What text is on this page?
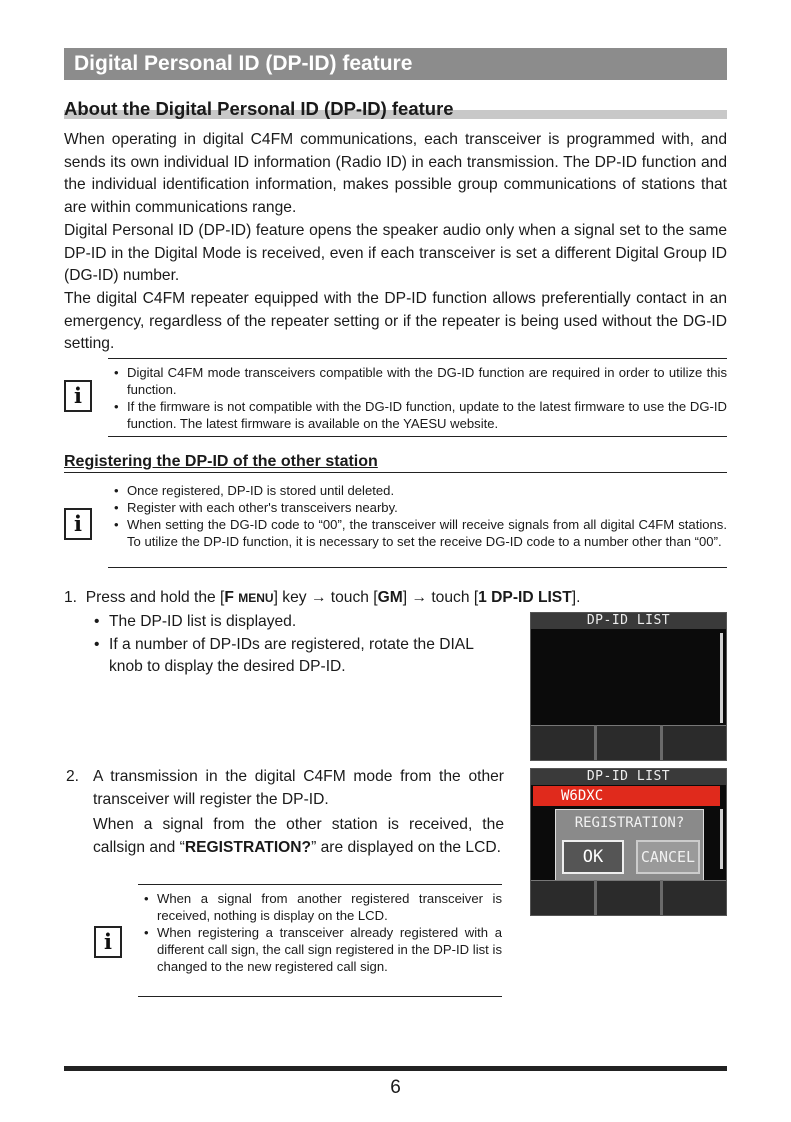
Digital Personal ID (DP-ID) feature
About the Digital Personal ID (DP-ID) feature

When operating in digital C4FM communications, each transceiver is programmed with, and sends its own individual ID information (Radio ID) in each transmission. The DP-ID function and the individual identification information, makes possible group communications of stations that are within communications range.

Digital Personal ID (DP-ID) feature opens the speaker audio only when a signal set to the same DP-ID in the Digital Mode is received, even if each transceiver is set a different Digital Group ID (DG-ID) number.

The digital C4FM repeater equipped with the DP-ID function allows preferentially contact in an emergency, regardless of the repeater setting or if the repeater is being used without the DG-ID setting.

i
• Digital C4FM mode transceivers compatible with the DG-ID function are required in order to utilize this function.
• If the firmware is not compatible with the DG-ID function, update to the latest firmware to use the DG-ID function. The latest firmware is available on the YAESU website.
Registering the DP-ID of the other station
i
• Once registered, DP-ID is stored until deleted.
• Register with each other's transceivers nearby.
• When setting the DG-ID code to “00”, the transceiver will receive signals from all digital C4FM stations. To utilize the DP-ID function, it is necessary to set the receive DG-ID code to a number other than “00”.
1. Press and hold the [F MENU] key → touch [GM] → touch [1 DP-ID LIST].
• The DP-ID list is displayed.
• If a number of DP-IDs are registered, rotate the DIAL knob to display the desired DP-ID.
DP-ID LIST
2. A transmission in the digital C4FM mode from the other transceiver will register the DP-ID.
When a signal from the other station is received, the callsign and “REGISTRATION?” are displayed on the LCD.
DP-ID LIST
W6DXC
REGISTRATION?
OK	CANCEL
i
• When a signal from another registered transceiver is received, nothing is display on the LCD.
• When registering a transceiver already registered with a different call sign, the call sign registered in the DP-ID list is changed to the new registered call sign.
6
